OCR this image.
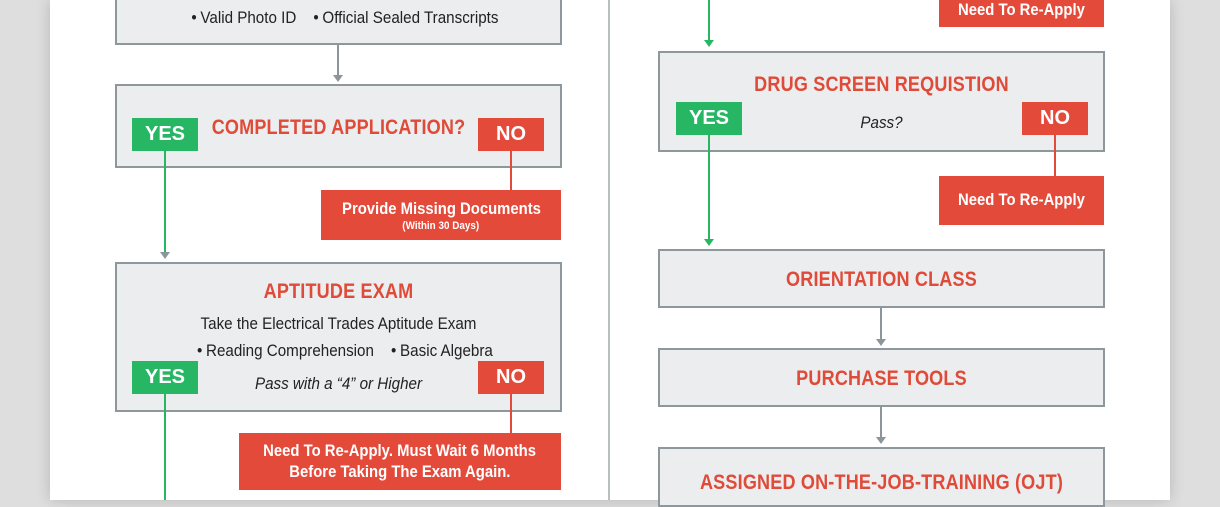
• Valid Photo ID • Official Sealed Transcripts
COMPLETED APPLICATION?
YES	NO
Provide Missing Documents
(Within 30 Days)
APTITUDE EXAM
Take the Electrical Trades Aptitude Exam
• Reading Comprehension • Basic Algebra
Pass with a “4” or Higher
YES	NO
Need To Re-Apply. Must Wait 6 Months
Before Taking The Exam Again.
Need To Re-Apply
DRUG SCREEN REQUISTION
Pass?
YES	NO
Need To Re-Apply
ORIENTATION CLASS
PURCHASE TOOLS
ASSIGNED ON-THE-JOB-TRAINING (OJT)
